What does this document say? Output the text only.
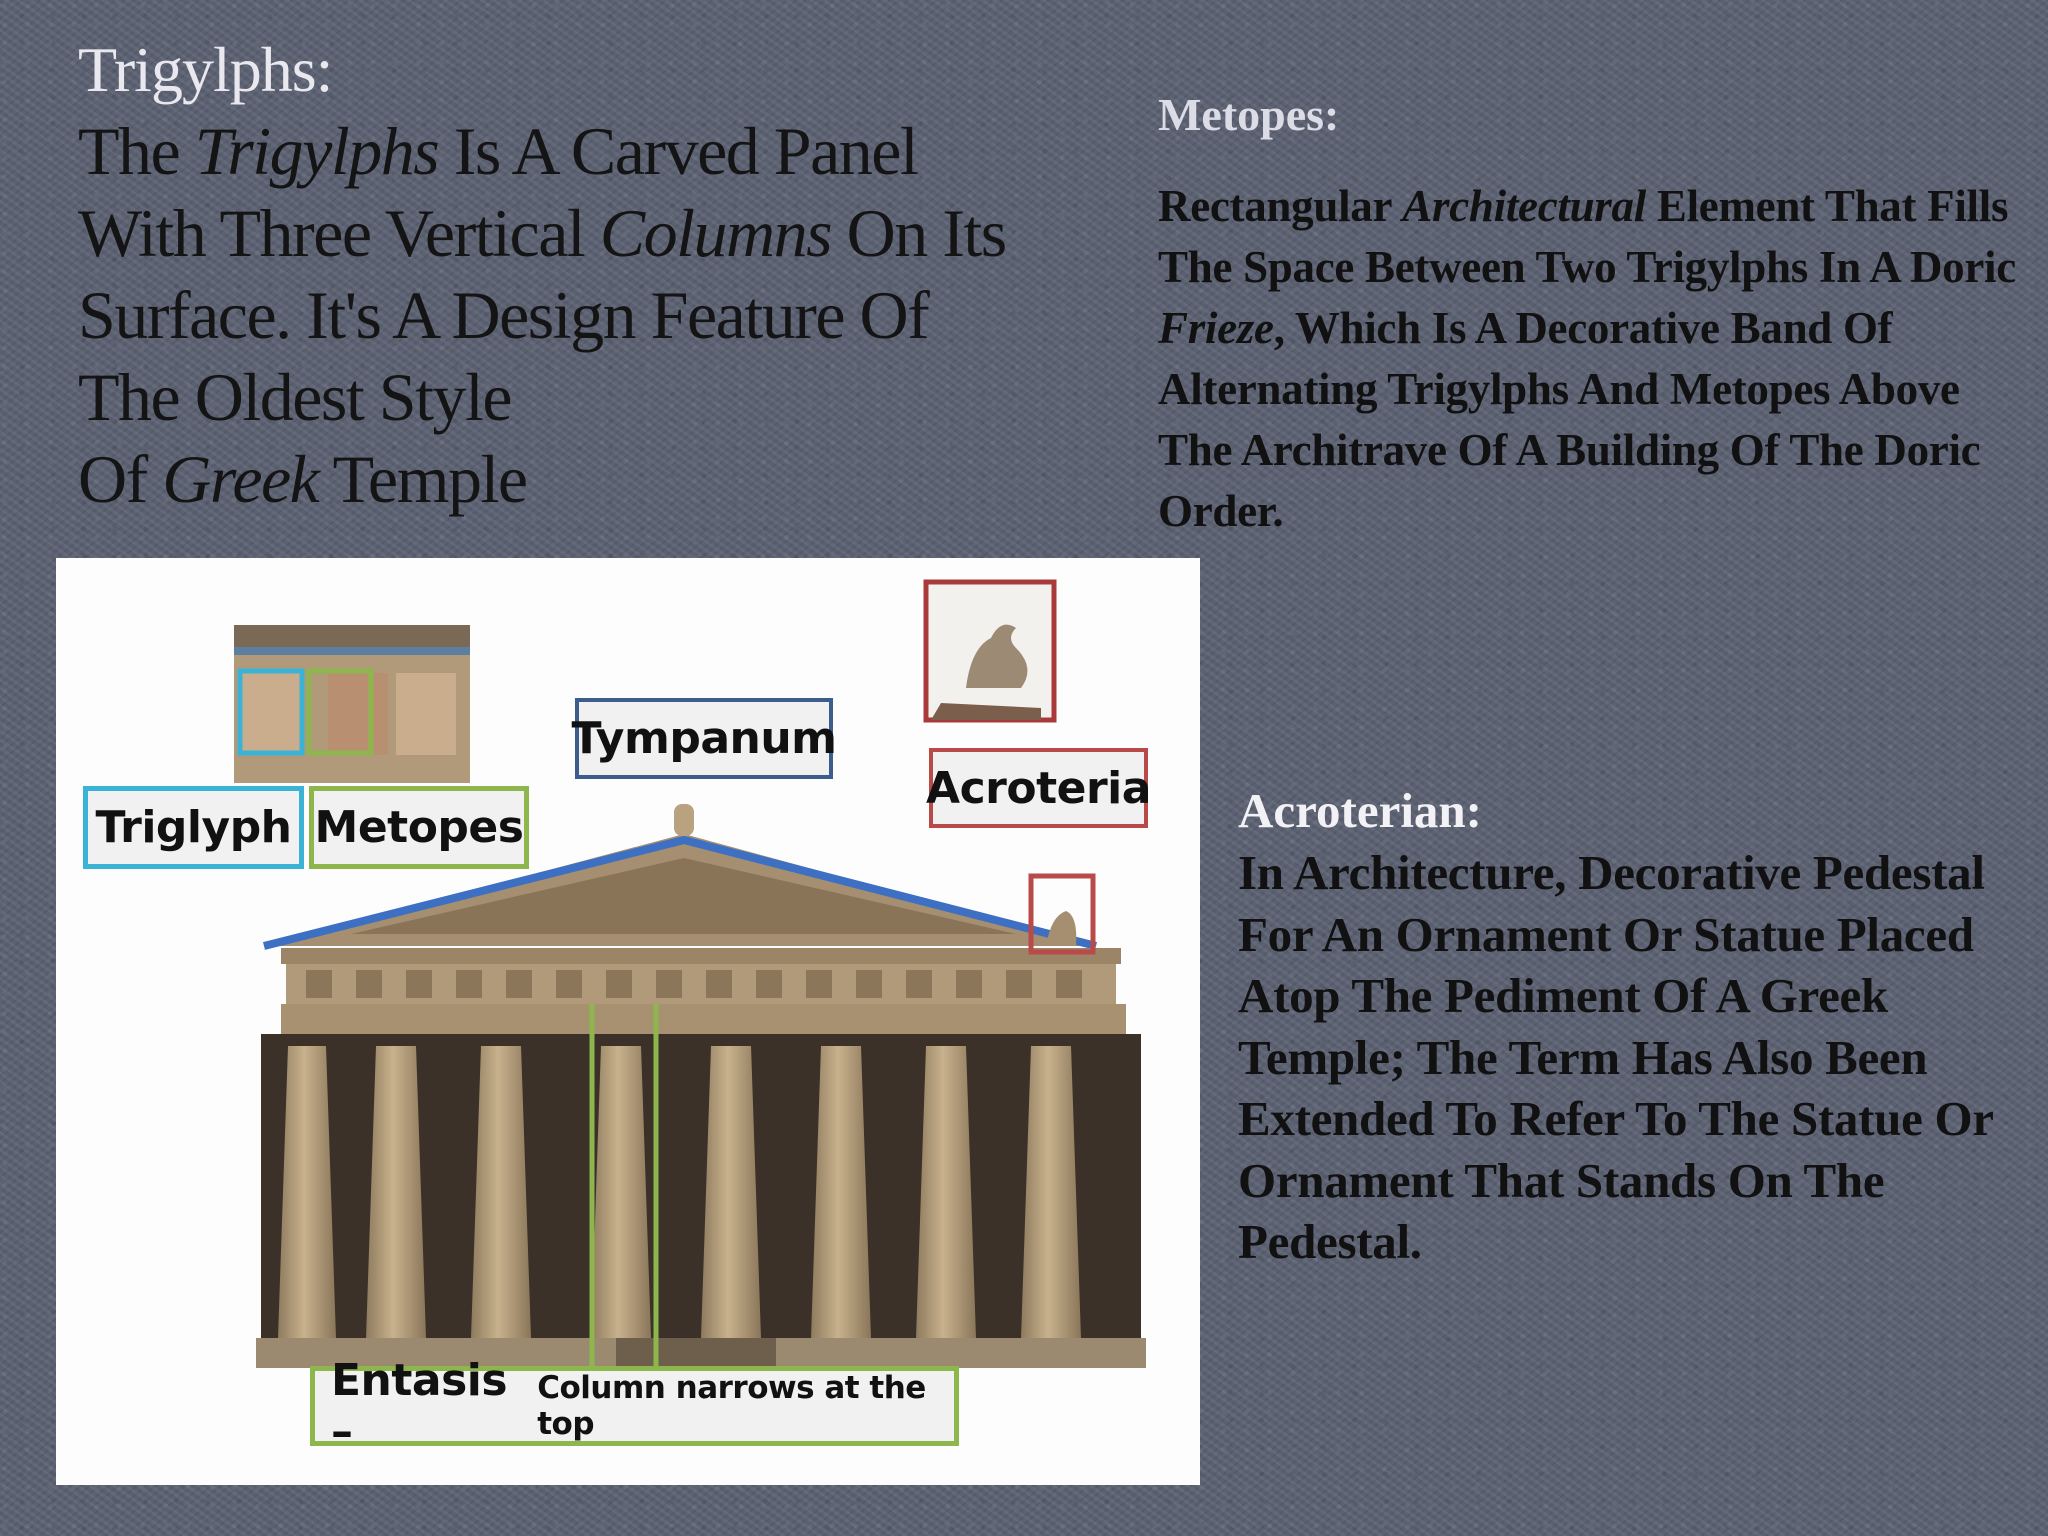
Trigylphs:
The Trigylphs Is A Carved Panel With Three Vertical Columns On Its Surface. It's A Design Feature Of The Oldest Style
Of Greek Temple
Metopes:
Rectangular Architectural Element That Fills The Space Between Two Trigylphs In A Doric Frieze, Which Is A Decorative Band Of Alternating Trigylphs And Metopes Above The Architrave Of A Building Of The Doric Order.
Triglyph Metopes
Tympanum
Acroteria
Entasis –
Column narrows at the top
Acroterian:
In Architecture, Decorative Pedestal For An Ornament Or Statue Placed Atop The Pediment Of A Greek Temple; The Term Has Also Been Extended To Refer To The Statue Or Ornament That Stands On The Pedestal.
